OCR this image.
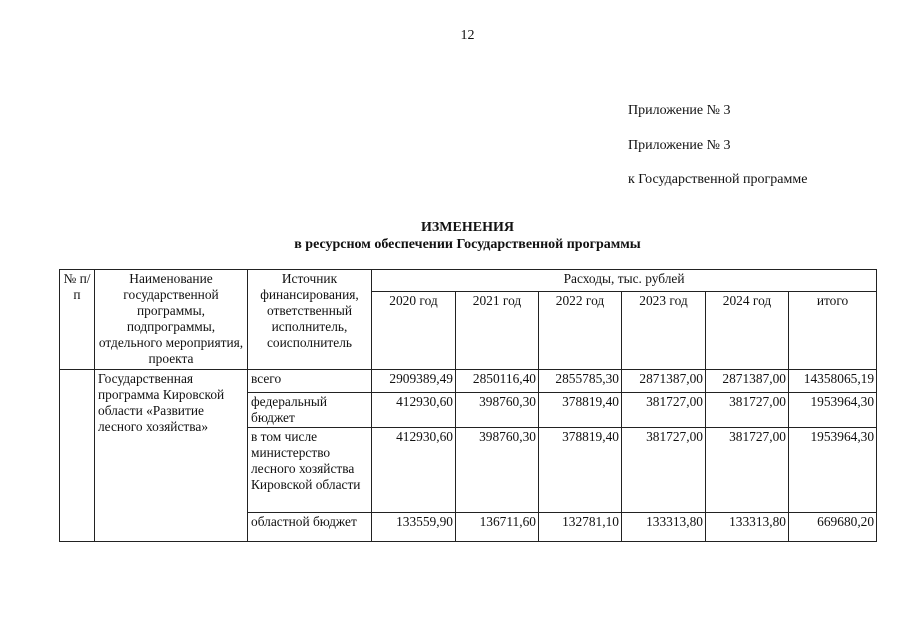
12
Приложение № 3
Приложение № 3
к Государственной программе
ИЗМЕНЕНИЯ
в ресурсном обеспечении Государственной программы
№ п/п	Наименование государственной программы, подпрограммы, отдельного мероприятия, проекта	Источник финансирования, ответственный исполнитель, соисполнитель	Расходы, тыс. рублей					
			2020 год	2021 год	2022 год	2023 год	2024 год	итого
	Государственная программа Кировской области «Развитие лесного хозяйства»	всего	2909389,49	2850116,40	2855785,30	2871387,00	2871387,00	14358065,19
		федеральный бюджет	412930,60	398760,30	378819,40	381727,00	381727,00	1953964,30
		в том числе министерство лесного хозяйства Кировской области	412930,60	398760,30	378819,40	381727,00	381727,00	1953964,30
		областной бюджет	133559,90	136711,60	132781,10	133313,80	133313,80	669680,20
